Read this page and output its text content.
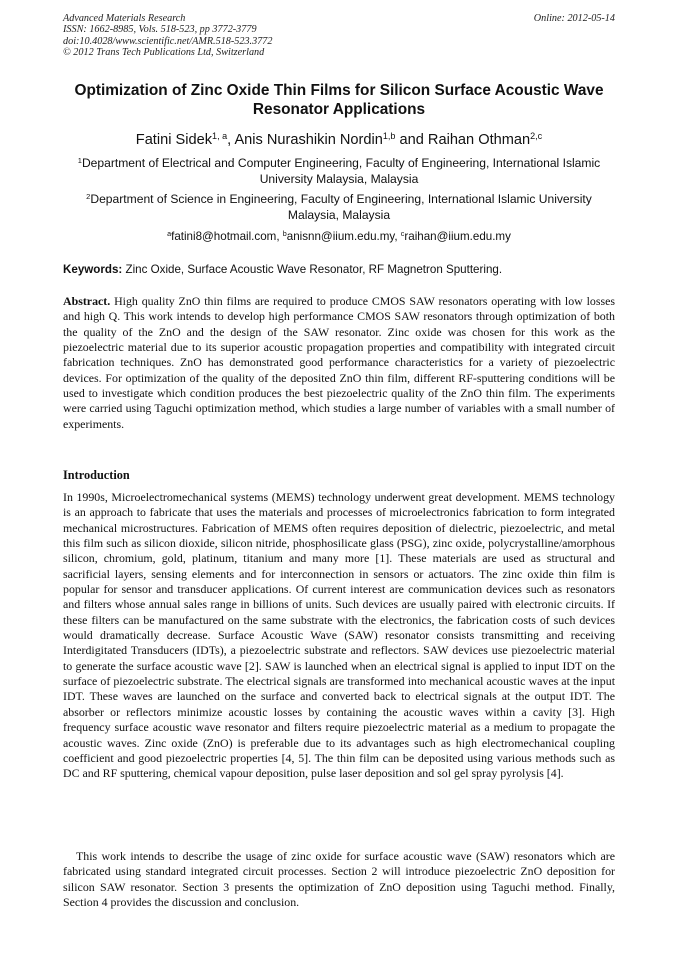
Advanced Materials Research
ISSN: 1662-8985, Vols. 518-523, pp 3772-3779
doi:10.4028/www.scientific.net/AMR.518-523.3772
© 2012 Trans Tech Publications Ltd, Switzerland
Online: 2012-05-14
Optimization of Zinc Oxide Thin Films for Silicon Surface Acoustic Wave Resonator Applications
Fatini Sidek$^{1, a}$, Anis Nurashikin Nordin$^{1,b}$ and Raihan Othman$^{2,c}$
$^1$Department of Electrical and Computer Engineering, Faculty of Engineering, International Islamic University Malaysia, Malaysia
$^2$Department of Science in Engineering, Faculty of Engineering, International Islamic University Malaysia, Malaysia
$^a$fatini8@hotmail.com, $^b$anisnn@iium.edu.my, $^c$raihan@iium.edu.my
Keywords: Zinc Oxide, Surface Acoustic Wave Resonator, RF Magnetron Sputtering.
Abstract. High quality ZnO thin films are required to produce CMOS SAW resonators operating with low losses and high Q. This work intends to develop high performance CMOS SAW resonators through optimization of both the quality of the ZnO and the design of the SAW resonator. Zinc oxide was chosen for this work as the piezoelectric material due to its superior acoustic propagation properties and compatibility with integrated circuit fabrication techniques. ZnO has demonstrated good performance characteristics for a variety of piezoelectric devices. For optimization of the quality of the deposited ZnO thin film, different RF-sputtering conditions will be used to investigate which condition produces the best piezoelectric quality of the ZnO thin film. The experiments were carried using Taguchi optimization method, which studies a large number of variables with a small number of experiments.
Introduction
In 1990s, Microelectromechanical systems (MEMS) technology underwent great development. MEMS technology is an approach to fabricate that uses the materials and processes of microelectronics fabrication to form integrated mechanical microstructures. Fabrication of MEMS often requires deposition of dielectric, piezoelectric, and metal this film such as silicon dioxide, silicon nitride, phosphosilicate glass (PSG), zinc oxide, polycrystalline/amorphous silicon, chromium, gold, platinum, titanium and many more [1]. These materials are used as structural and sacrificial layers, sensing elements and for interconnection in sensors or actuators. The zinc oxide thin film is popular for sensor and transducer applications. Of current interest are communication devices such as resonators and filters whose annual sales range in billions of units. Such devices are usually paired with electronic circuits. If these filters can be manufactured on the same substrate with the electronics, the fabrication costs of such devices would dramatically decrease. Surface Acoustic Wave (SAW) resonator consists transmitting and receiving Interdigitated Transducers (IDTs), a piezoelectric substrate and reflectors. SAW devices use piezoelectric material to generate the surface acoustic wave [2]. SAW is launched when an electrical signal is applied to input IDT on the surface of piezoelectric substrate. The electrical signals are transformed into mechanical acoustic waves at the input IDT. These waves are launched on the surface and converted back to electrical signals at the output IDT. The absorber or reflectors minimize acoustic losses by containing the acoustic waves within a cavity [3]. High frequency surface acoustic wave resonator and filters require piezoelectric material as a medium to propagate the acoustic waves. Zinc oxide (ZnO) is preferable due to its advantages such as high electromechanical coupling coefficient and good piezoelectric properties [4, 5]. The thin film can be deposited using various methods such as DC and RF sputtering, chemical vapour deposition, pulse laser deposition and sol gel spray pyrolysis [4].
This work intends to describe the usage of zinc oxide for surface acoustic wave (SAW) resonators which are fabricated using standard integrated circuit processes. Section 2 will introduce piezoelectric ZnO deposition for silicon SAW resonator. Section 3 presents the optimization of ZnO deposition using Taguchi method. Finally, Section 4 provides the discussion and conclusion.
